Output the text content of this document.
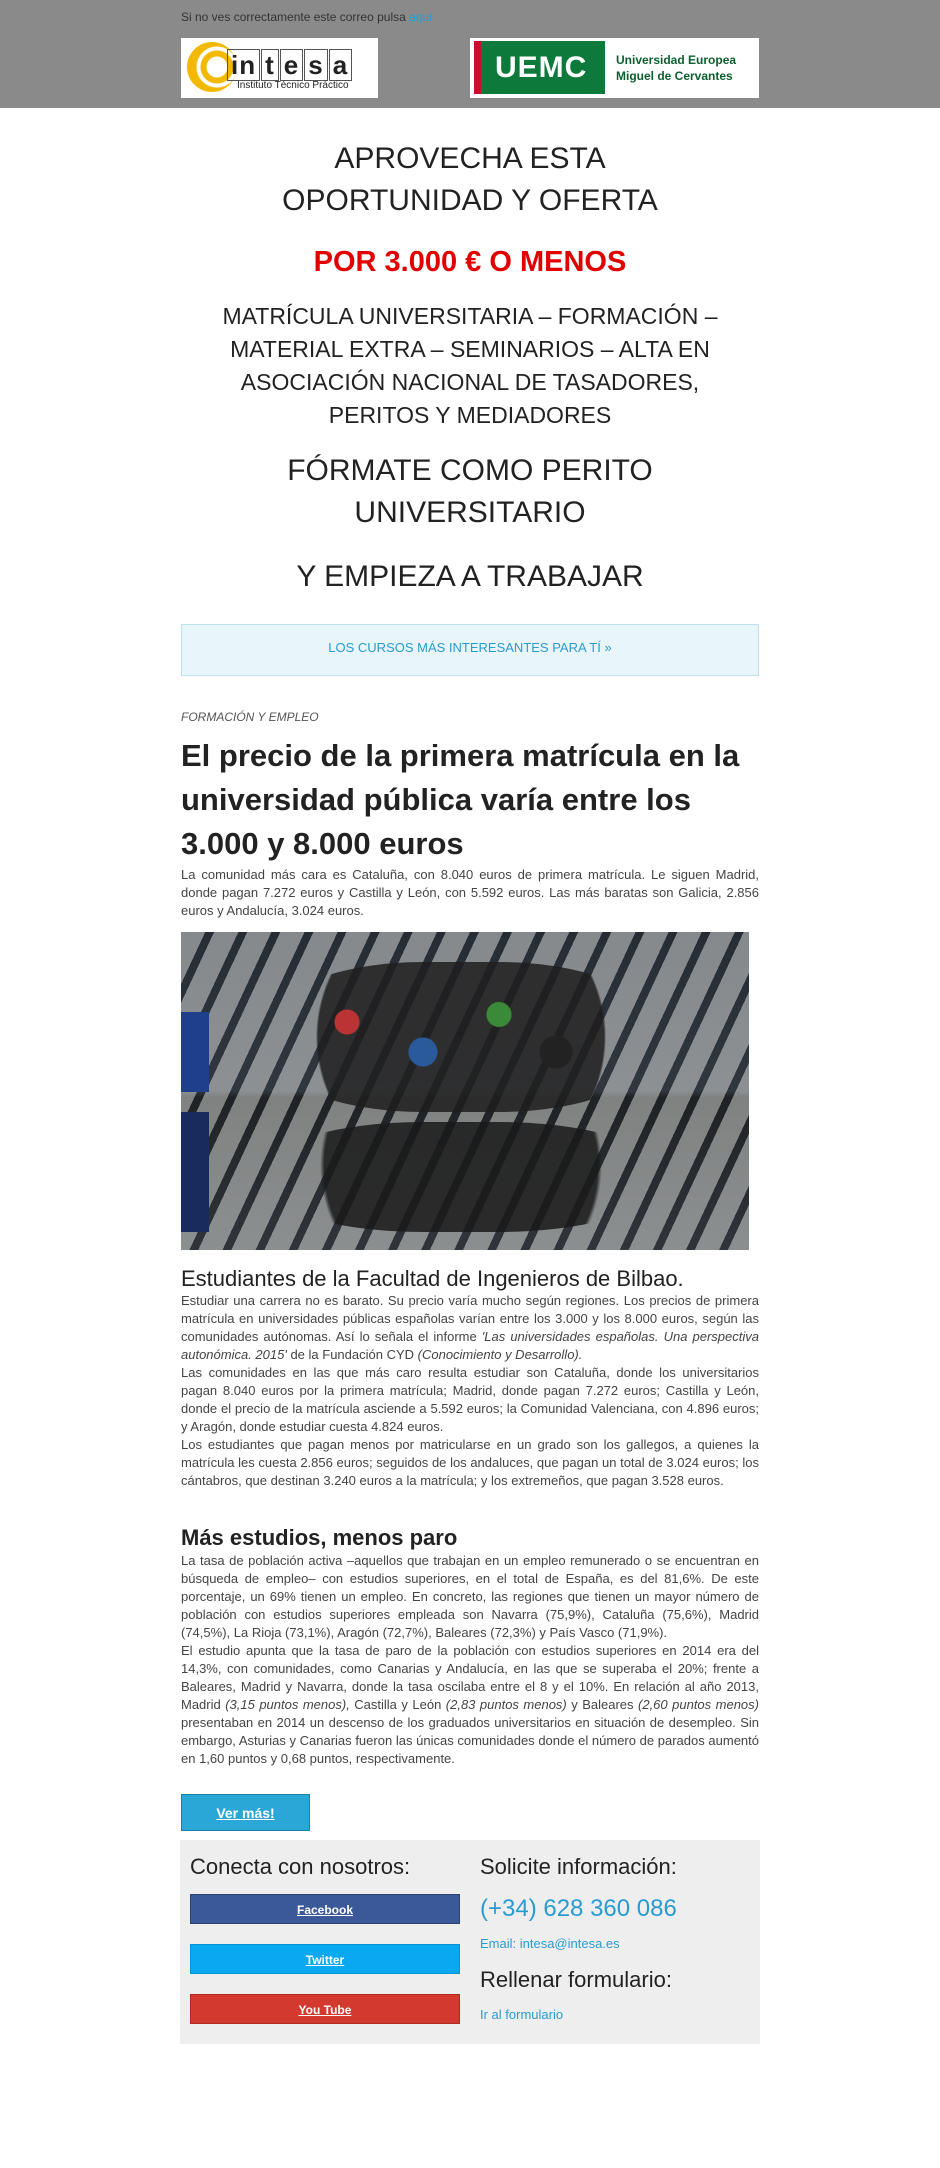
Si no ves correctamente este correo pulsa aquí
in t e s a
Instituto Técnico Práctico
UEMC Universidad Europea
Miguel de Cervantes
APROVECHA ESTA
OPORTUNIDAD Y OFERTA
POR 3.000 € O MENOS
MATRÍCULA UNIVERSITARIA – FORMACIÓN –
MATERIAL EXTRA – SEMINARIOS – ALTA EN
ASOCIACIÓN NACIONAL DE TASADORES,
PERITOS Y MEDIADORES
FÓRMATE COMO PERITO
UNIVERSITARIO
Y EMPIEZA A TRABAJAR
LOS CURSOS MÁS INTERESANTES PARA TÍ »
FORMACIÓN Y EMPLEO
El precio de la primera matrícula en la
universidad pública varía entre los
3.000 y 8.000 euros

La comunidad más cara es Cataluña, con 8.040 euros de primera matrícula. Le siguen Madrid, donde pagan 7.272 euros y Castilla y León, con 5.592 euros. Las más baratas son Galicia, 2.856 euros y Andalucía, 3.024 euros.

Estudiantes de la Facultad de Ingenieros de Bilbao.

Estudiar una carrera no es barato. Su precio varía mucho según regiones. Los precios de primera matrícula en universidades públicas españolas varían entre los 3.000 y los 8.000 euros, según las comunidades autónomas. Así lo señala el informe 'Las universidades españolas. Una perspectiva autonómica. 2015' de la Fundación CYD (Conocimiento y Desarrollo).

Las comunidades en las que más caro resulta estudiar son Cataluña, donde los universitarios pagan 8.040 euros por la primera matrícula; Madrid, donde pagan 7.272 euros; Castilla y León, donde el precio de la matrícula asciende a 5.592 euros; la Comunidad Valenciana, con 4.896 euros; y Aragón, donde estudiar cuesta 4.824 euros.

Los estudiantes que pagan menos por matricularse en un grado son los gallegos, a quienes la matrícula les cuesta 2.856 euros; seguidos de los andaluces, que pagan un total de 3.024 euros; los cántabros, que destinan 3.240 euros a la matrícula; y los extremeños, que pagan 3.528 euros.

Más estudios, menos paro

La tasa de población activa –aquellos que trabajan en un empleo remunerado o se encuentran en búsqueda de empleo– con estudios superiores, en el total de España, es del 81,6%. De este porcentaje, un 69% tienen un empleo. En concreto, las regiones que tienen un mayor número de población con estudios superiores empleada son Navarra (75,9%), Cataluña (75,6%), Madrid (74,5%), La Rioja (73,1%), Aragón (72,7%), Baleares (72,3%) y País Vasco (71,9%).

El estudio apunta que la tasa de paro de la población con estudios superiores en 2014 era del 14,3%, con comunidades, como Canarias y Andalucía, en las que se superaba el 20%; frente a Baleares, Madrid y Navarra, donde la tasa oscilaba entre el 8 y el 10%. En relación al año 2013, Madrid (3,15 puntos menos), Castilla y León (2,83 puntos menos) y Baleares (2,60 puntos menos) presentaban en 2014 un descenso de los graduados universitarios en situación de desempleo. Sin embargo, Asturias y Canarias fueron las únicas comunidades donde el número de parados aumentó en 1,60 puntos y 0,68 puntos, respectivamente.

Ver más!
Conecta con nosotros:
Facebook
Twitter
You Tube
Solicite información:
(+34) 628 360 086
Email: intesa@intesa.es
Rellenar formulario:
Ir al formulario
